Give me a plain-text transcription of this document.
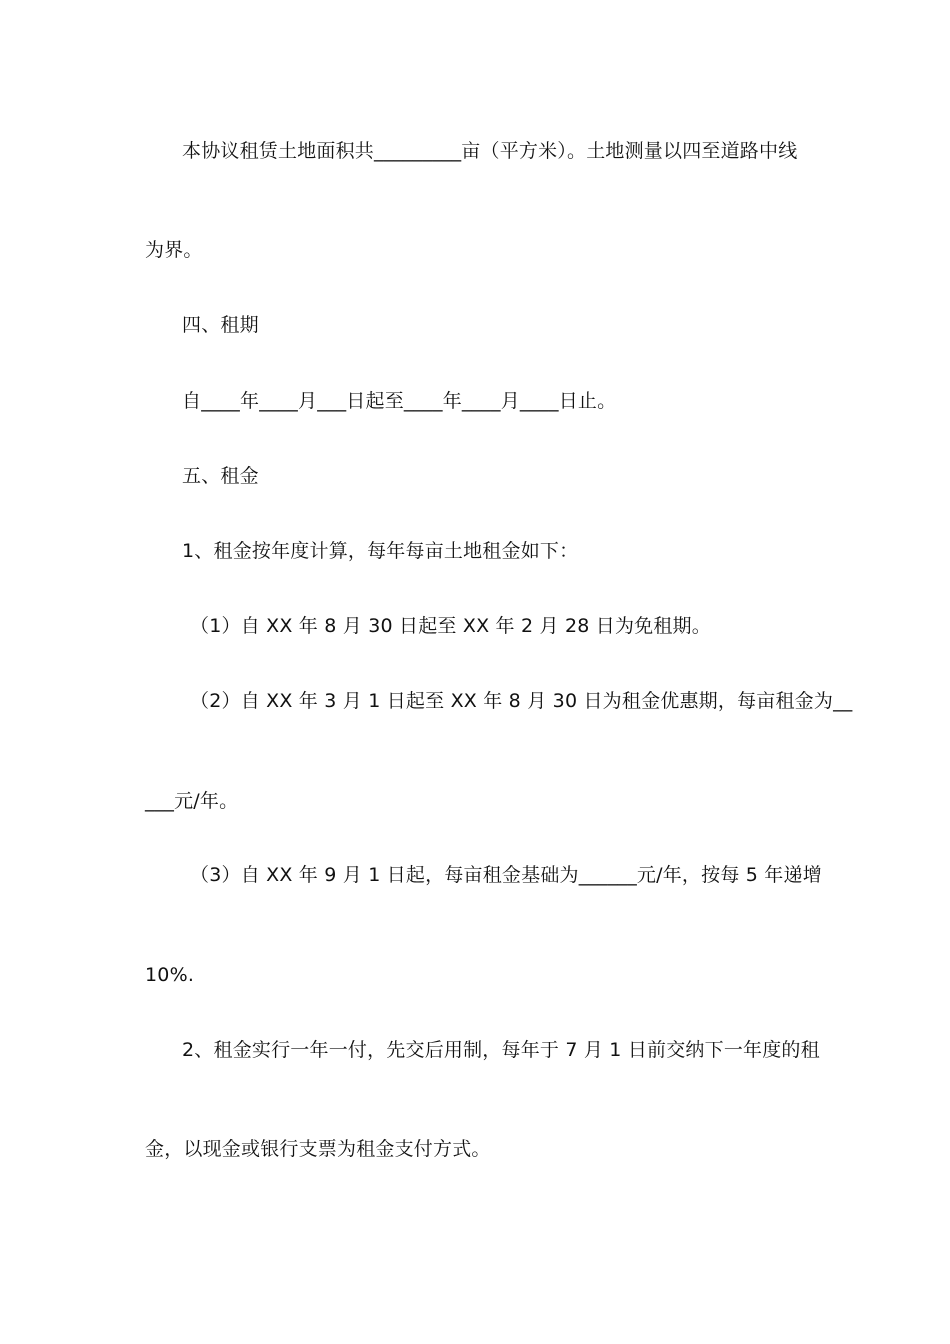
本协议租赁土地面积共_________亩（平方米）。土地测量以四至道路中线
为界。
四、租期
自____年____月___日起至____年____月____日止。
五、租金
1、租金按年度计算，每年每亩土地租金如下：
（1）自 XX 年 8 月 30 日起至 XX 年 2 月 28 日为免租期。
（2）自 XX 年 3 月 1 日起至 XX 年 8 月 30 日为租金优惠期，每亩租金为__
___元/年。
（3）自 XX 年 9 月 1 日起，每亩租金基础为______元/年，按每 5 年递增
10%.
2、租金实行一年一付，先交后用制，每年于 7 月 1 日前交纳下一年度的租
金，以现金或银行支票为租金支付方式。
